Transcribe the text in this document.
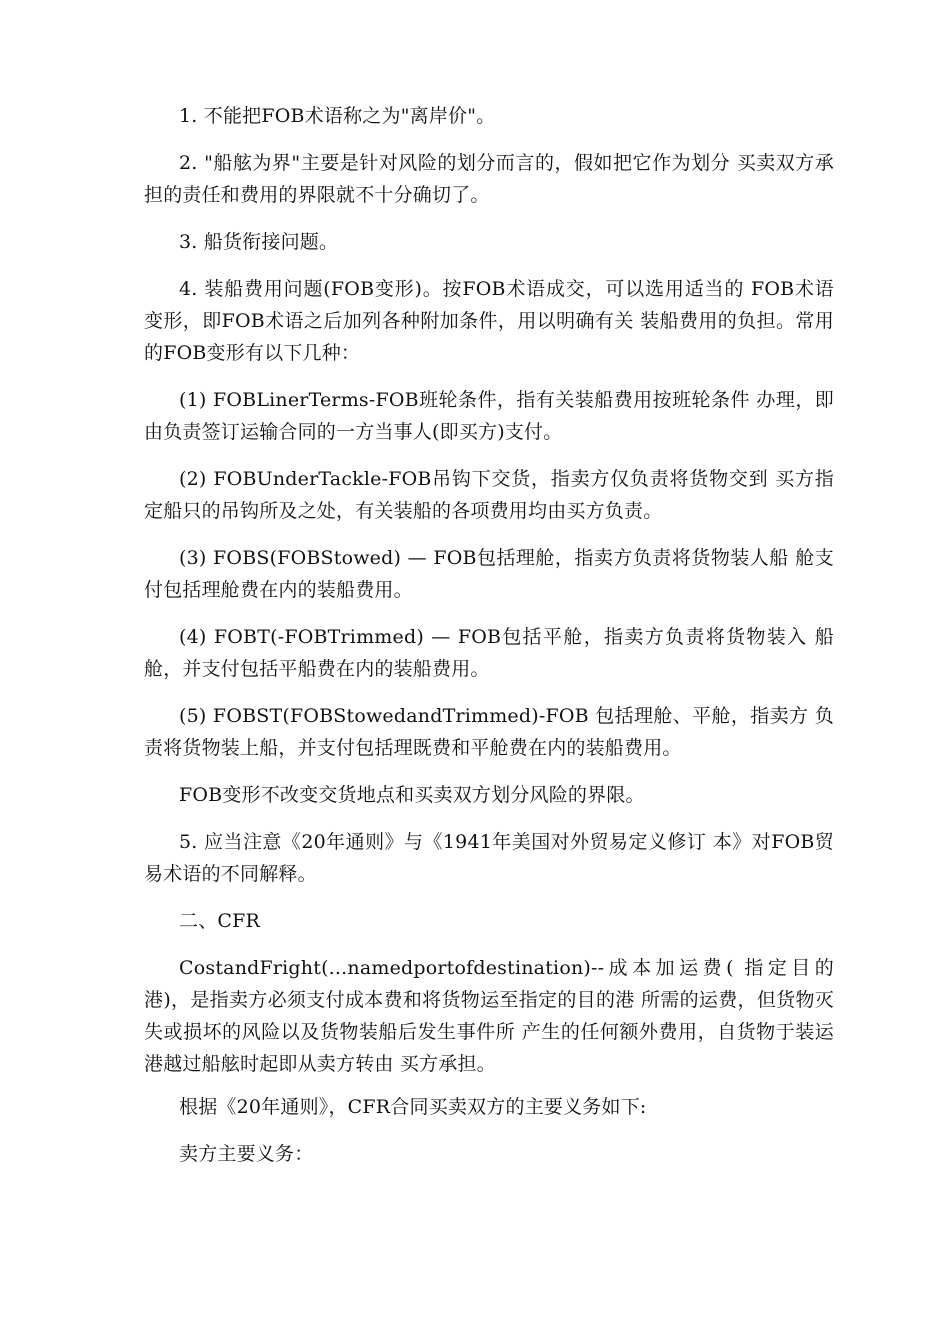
1. 不能把FOB术语称之为"离岸价"。

2. "船舷为界"主要是针对风险的划分而言的，假如把它作为划分 买卖双方承担的责任和费用的界限就不十分确切了。

3. 船货衔接问题。

4. 装船费用问题(FOB变形)。按FOB术语成交，可以选用适当的 FOB术语变形，即FOB术语之后加列各种附加条件，用以明确有关 装船费用的负担。常用的FOB变形有以下几种：

(1) FOBLinerTerms-FOB班轮条件，指有关装船费用按班轮条件 办理，即由负责签订运输合同的一方当事人(即买方)支付。

(2) FOBUnderTackle-FOB吊钩下交货，指卖方仅负责将货物交到 买方指定船只的吊钩所及之处，有关装船的各项费用均由买方负责。

(3) FOBS(FOBStowed) — FOB包括理舱，指卖方负责将货物装人船 舱支付包括理舱费在内的装船费用。

(4) FOBT(-FOBTrimmed) — FOB包括平舱，指卖方负责将货物装入 船舱，并支付包括平船费在内的装船费用。

(5) FOBST(FOBStowedandTrimmed)-FOB 包括理舱、平舱，指卖方 负责将货物装上船，并支付包括理既费和平舱费在内的装船费用。

FOB变形不改变交货地点和买卖双方划分风险的界限。

5. 应当注意《20年通则》与《1941年美国对外贸易定义修订 本》对FOB贸易术语的不同解释。

二、CFR

CostandFright(...namedportofdestination)--成本加运费( 指定目的港)，是指卖方必须支付成本费和将货物运至指定的目的港 所需的运费，但货物灭失或损坏的风险以及货物装船后发生事件所 产生的任何额外费用，自货物于装运港越过船舷时起即从卖方转由 买方承担。

根据《20年通则》，CFR合同买卖双方的主要义务如下:

卖方主要义务：
